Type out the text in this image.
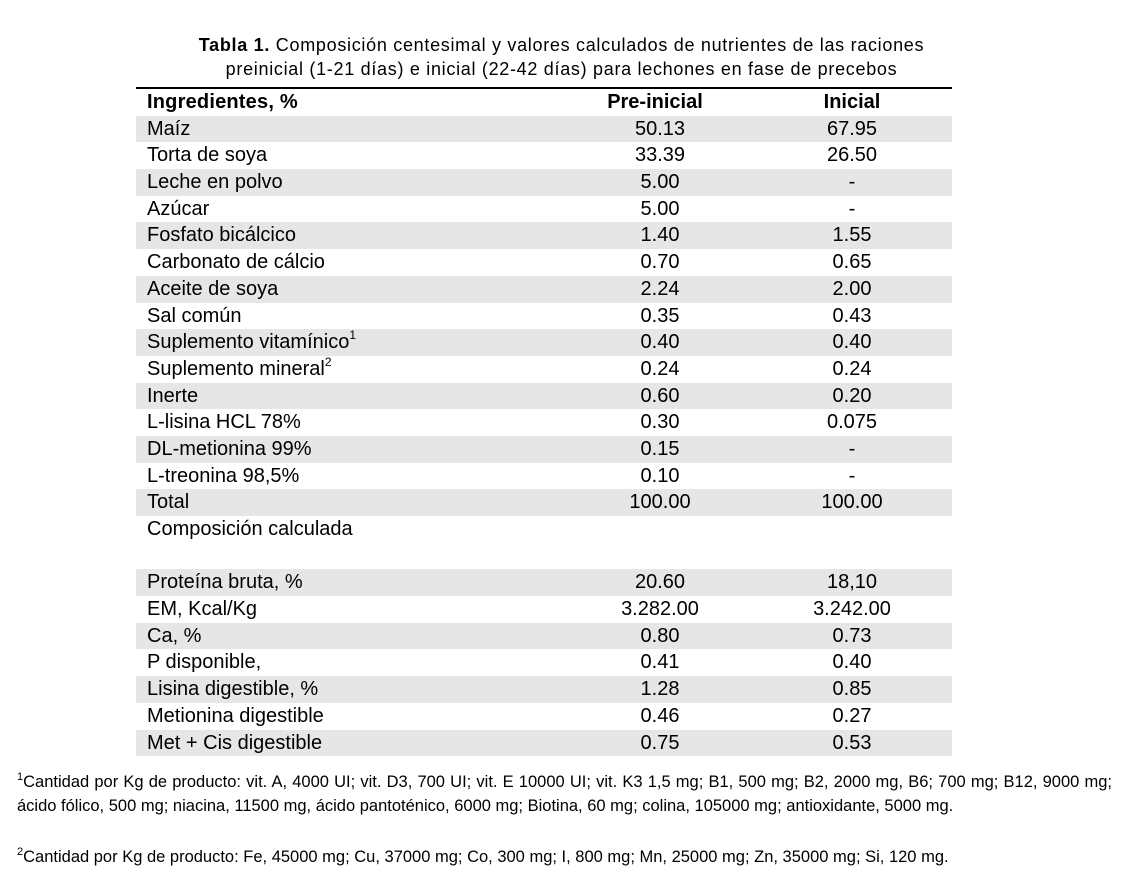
Tabla 1. Composición centesimal y valores calculados de nutrientes de las raciones
preinicial (1-21 días) e inicial (22-42 días) para lechones en fase de precebos
Ingredientes, %	Pre-inicial	Inicial
Maíz	50.13	67.95
Torta de soya	33.39	26.50
Leche en polvo	5.00	-
Azúcar	5.00	-
Fosfato bicálcico	1.40	1.55
Carbonato de cálcio	0.70	0.65
Aceite de soya	2.24	2.00
Sal común	0.35	0.43
Suplemento vitamínico$^1$	0.40	0.40
Suplemento mineral$^2$	0.24	0.24
Inerte	0.60	0.20
L-lisina HCL 78%	0.30	0.075
DL-metionina 99%	0.15	-
L-treonina 98,5%	0.10	-
Total	100.00	100.00
Composición calculada
Proteína bruta, %	20.60	18,10
EM, Kcal/Kg	3.282.00	3.242.00
Ca, %	0.80	0.73
P disponible,	0.41	0.40
Lisina digestible, %	1.28	0.85
Metionina digestible	0.46	0.27
Met + Cis digestible	0.75	0.53
$^1$Cantidad por Kg de producto: vit. A, 4000 UI; vit. D3, 700 UI; vit. E 10000 UI; vit. K3 1,5 mg; B1, 500 mg; B2, 2000 mg, B6; 700 mg; B12, 9000 mg; ácido fólico, 500 mg; niacina, 11500 mg, ácido pantoténico, 6000 mg; Biotina, 60 mg; colina, 105000 mg; antioxidante, 5000 mg.
$^2$Cantidad por Kg de producto: Fe, 45000 mg; Cu, 37000 mg; Co, 300 mg; I, 800 mg; Mn, 25000 mg; Zn, 35000 mg; Si, 120 mg.
